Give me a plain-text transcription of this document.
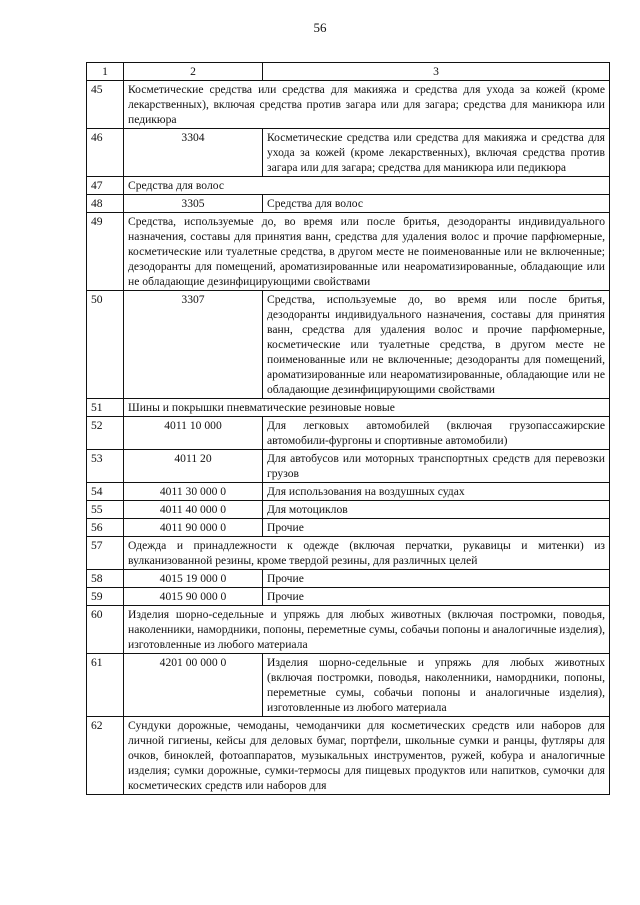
56
1	2	3
45	Косметические средства или средства для макияжа и средства для ухода за кожей (кроме лекарственных), включая средства против загара или для загара; средства для маникюра или педикюра	
46	3304	Косметические средства или средства для макияжа и средства для ухода за кожей (кроме лекарственных), включая средства против загара или для загара; средства для маникюра или педикюра
47	Средства для волос	
48	3305	Средства для волос
49	Средства, используемые до, во время или после бритья, дезодоранты индивидуального назначения, составы для принятия ванн, средства для удаления волос и прочие парфюмерные, косметические или туалетные средства, в другом месте не поименованные или не включенные; дезодоранты для помещений, ароматизированные или неароматизированные, обладающие или не обладающие дезинфицирующими свойствами	
50	3307	Средства, используемые до, во время или после бритья, дезодоранты индивидуального назначения, составы для принятия ванн, средства для удаления волос и прочие парфюмерные, косметические или туалетные средства, в другом месте не поименованные или не включенные; дезодоранты для помещений, ароматизированные или неароматизированные, обладающие или не обладающие дезинфицирующими свойствами
51	Шины и покрышки пневматические резиновые новые	
52	4011 10 000	Для легковых автомобилей (включая грузопассажирские автомобили-фургоны и спортивные автомобили)
53	4011 20	Для автобусов или моторных транспортных средств для перевозки грузов
54	4011 30 000 0	Для использования на воздушных судах
55	4011 40 000 0	Для мотоциклов
56	4011 90 000 0	Прочие
57	Одежда и принадлежности к одежде (включая перчатки, рукавицы и митенки) из вулканизованной резины, кроме твердой резины, для различных целей	
58	4015 19 000 0	Прочие
59	4015 90 000 0	Прочие
60	Изделия шорно-седельные и упряжь для любых животных (включая постромки, поводья, наколенники, намордники, попоны, переметные сумы, собачьи попоны и аналогичные изделия), изготовленные из любого материала	
61	4201 00 000 0	Изделия шорно-седельные и упряжь для любых животных (включая постромки, поводья, наколенники, намордники, попоны, переметные сумы, собачьи попоны и аналогичные изделия), изготовленные из любого материала
62	Сундуки дорожные, чемоданы, чемоданчики для косметических средств или наборов для личной гигиены, кейсы для деловых бумаг, портфели, школьные сумки и ранцы, футляры для очков, биноклей, фотоаппаратов, музыкальных инструментов, ружей, кобура и аналогичные изделия; сумки дорожные, сумки-термосы для пищевых продуктов или напитков, сумочки для косметических средств или наборов для	
